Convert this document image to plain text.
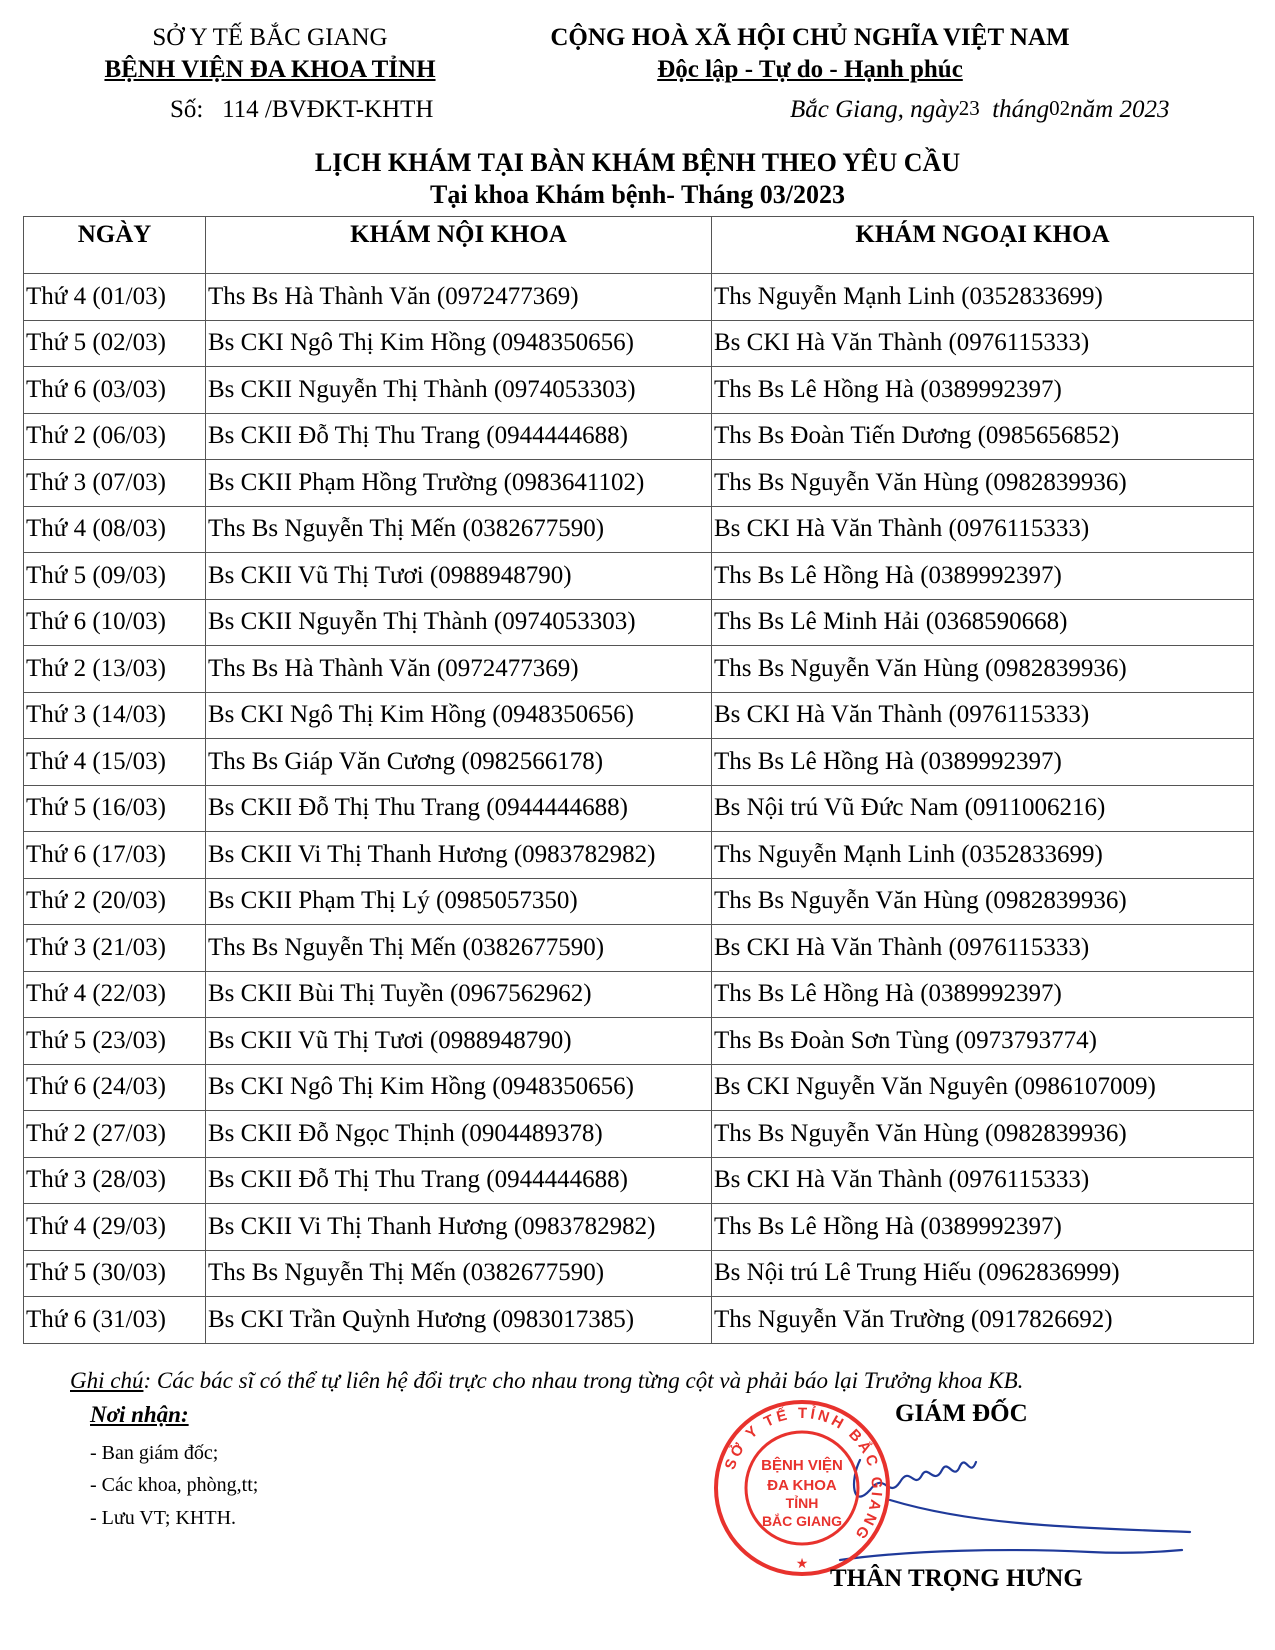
SỞ Y TẾ BẮC GIANG
BỆNH VIỆN ĐA KHOA TỈNH
CỘNG HOÀ XÃ HỘI CHỦ NGHĨA VIỆT NAM
Độc lập - Tự do - Hạnh phúc
Số: 114 /BVĐKT-KHTH	Bắc Giang, ngày23 tháng02năm 2023
LỊCH KHÁM TẠI BÀN KHÁM BỆNH THEO YÊU CẦU
Tại khoa Khám bệnh- Tháng 03/2023
NGÀY	KHÁM NỘI KHOA	KHÁM NGOẠI KHOA
Thứ 4 (01/03)	Ths Bs Hà Thành Văn (0972477369)	Ths Nguyễn Mạnh Linh (0352833699)
Thứ 5 (02/03)	Bs CKI Ngô Thị Kim Hồng (0948350656)	Bs CKI Hà Văn Thành (0976115333)
Thứ 6 (03/03)	Bs CKII Nguyễn Thị Thành (0974053303)	Ths Bs Lê Hồng Hà (0389992397)
Thứ 2 (06/03)	Bs CKII Đỗ Thị Thu Trang (0944444688)	Ths Bs Đoàn Tiến Dương (0985656852)
Thứ 3 (07/03)	Bs CKII Phạm Hồng Trường (0983641102)	Ths Bs Nguyễn Văn Hùng (0982839936)
Thứ 4 (08/03)	Ths Bs Nguyễn Thị Mến (0382677590)	Bs CKI Hà Văn Thành (0976115333)
Thứ 5 (09/03)	Bs CKII Vũ Thị Tươi (0988948790)	Ths Bs Lê Hồng Hà (0389992397)
Thứ 6 (10/03)	Bs CKII Nguyễn Thị Thành (0974053303)	Ths Bs Lê Minh Hải (0368590668)
Thứ 2 (13/03)	Ths Bs Hà Thành Văn (0972477369)	Ths Bs Nguyễn Văn Hùng (0982839936)
Thứ 3 (14/03)	Bs CKI Ngô Thị Kim Hồng (0948350656)	Bs CKI Hà Văn Thành (0976115333)
Thứ 4 (15/03)	Ths Bs Giáp Văn Cương (0982566178)	Ths Bs Lê Hồng Hà (0389992397)
Thứ 5 (16/03)	Bs CKII Đỗ Thị Thu Trang (0944444688)	Bs Nội trú Vũ Đức Nam (0911006216)
Thứ 6 (17/03)	Bs CKII Vi Thị Thanh Hương (0983782982)	Ths Nguyễn Mạnh Linh (0352833699)
Thứ 2 (20/03)	Bs CKII Phạm Thị Lý (0985057350)	Ths Bs Nguyễn Văn Hùng (0982839936)
Thứ 3 (21/03)	Ths Bs Nguyễn Thị Mến (0382677590)	Bs CKI Hà Văn Thành (0976115333)
Thứ 4 (22/03)	Bs CKII Bùi Thị Tuyền (0967562962)	Ths Bs Lê Hồng Hà (0389992397)
Thứ 5 (23/03)	Bs CKII Vũ Thị Tươi (0988948790)	Ths Bs Đoàn Sơn Tùng (0973793774)
Thứ 6 (24/03)	Bs CKI Ngô Thị Kim Hồng (0948350656)	Bs CKI Nguyễn Văn Nguyên (0986107009)
Thứ 2 (27/03)	Bs CKII Đỗ Ngọc Thịnh (0904489378)	Ths Bs Nguyễn Văn Hùng (0982839936)
Thứ 3 (28/03)	Bs CKII Đỗ Thị Thu Trang (0944444688)	Bs CKI Hà Văn Thành (0976115333)
Thứ 4 (29/03)	Bs CKII Vi Thị Thanh Hương (0983782982)	Ths Bs Lê Hồng Hà (0389992397)
Thứ 5 (30/03)	Ths Bs Nguyễn Thị Mến (0382677590)	Bs Nội trú Lê Trung Hiếu (0962836999)
Thứ 6 (31/03)	Bs CKI Trần Quỳnh Hương (0983017385)	Ths Nguyễn Văn Trường (0917826692)
Ghi chú: Các bác sĩ có thể tự liên hệ đổi trực cho nhau trong từng cột và phải báo lại Trưởng khoa KB.
Nơi nhận:
- Ban giám đốc;
- Các khoa, phòng,tt;
- Lưu VT; KHTH.
GIÁM ĐỐC
SỞ Y TẾ TỈNH BẮC GIANG
★
BỆNH VIỆN
ĐA KHOA
TỈNH
BẮC GIANG
THÂN TRỌNG HƯNG
